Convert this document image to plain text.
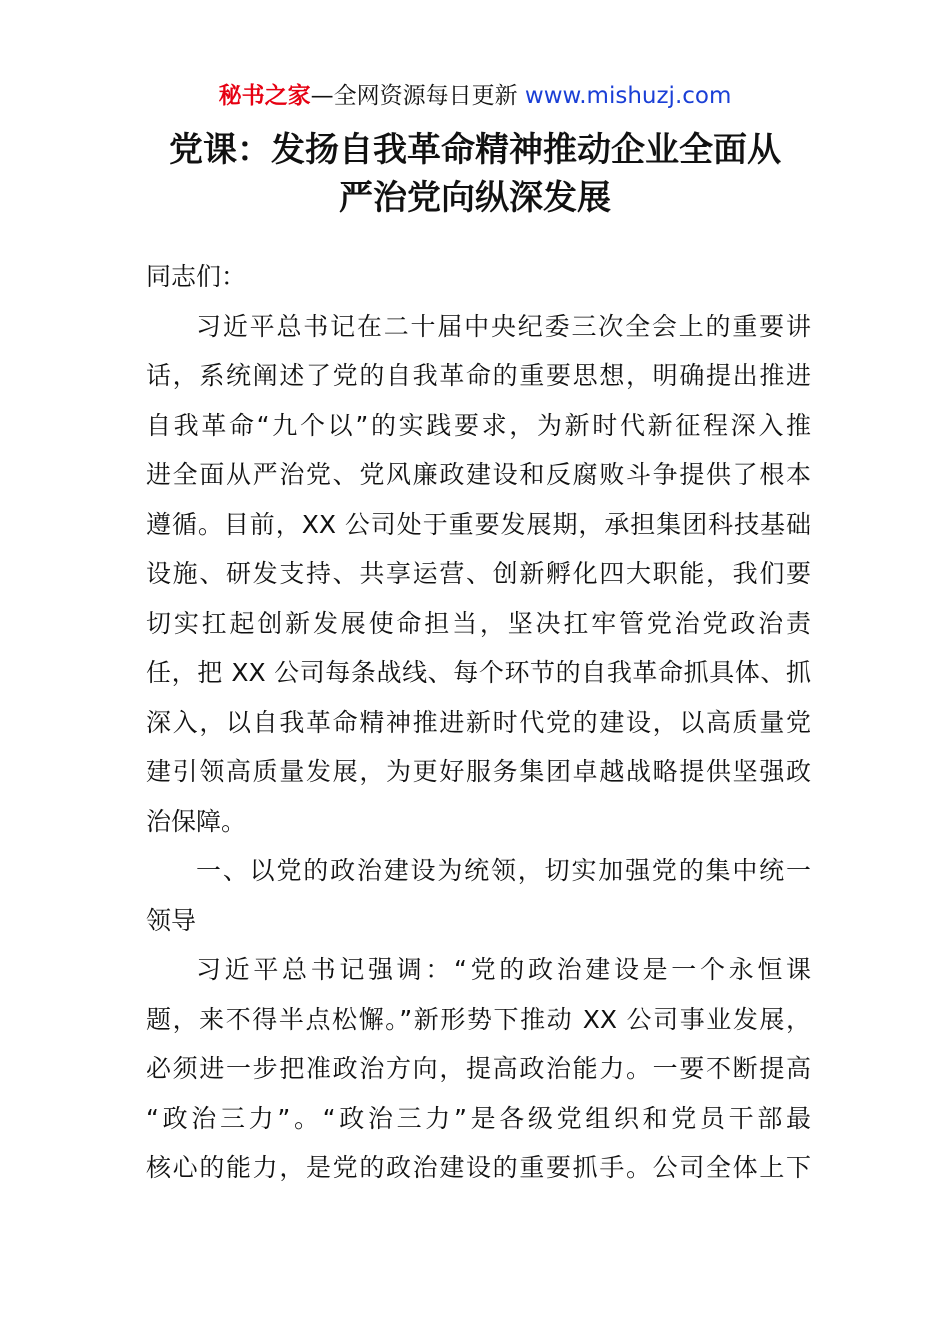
秘书之家—全网资源每日更新 www.mishuzj.com
党课：发扬自我革命精神推动企业全面从
严治党向纵深发展
同志们：
习近平总书记在二十届中央纪委三次全会上的重要讲
话，系统阐述了党的自我革命的重要思想，明确提出推进
自我革命“九个以”的实践要求，为新时代新征程深入推
进全面从严治党、党风廉政建设和反腐败斗争提供了根本
遵循。目前，XX 公司处于重要发展期，承担集团科技基础
设施、研发支持、共享运营、创新孵化四大职能，我们要
切实扛起创新发展使命担当，坚决扛牢管党治党政治责
任，把 XX 公司每条战线、每个环节的自我革命抓具体、抓
深入，以自我革命精神推进新时代党的建设，以高质量党
建引领高质量发展，为更好服务集团卓越战略提供坚强政
治保障。
一、以党的政治建设为统领，切实加强党的集中统一
领导
习近平总书记强调：“党的政治建设是一个永恒课
题，来不得半点松懈。”新形势下推动 XX 公司事业发展，
必须进一步把准政治方向，提高政治能力。一要不断提高
“政治三力”。“政治三力”是各级党组织和党员干部最
核心的能力，是党的政治建设的重要抓手。公司全体上下
